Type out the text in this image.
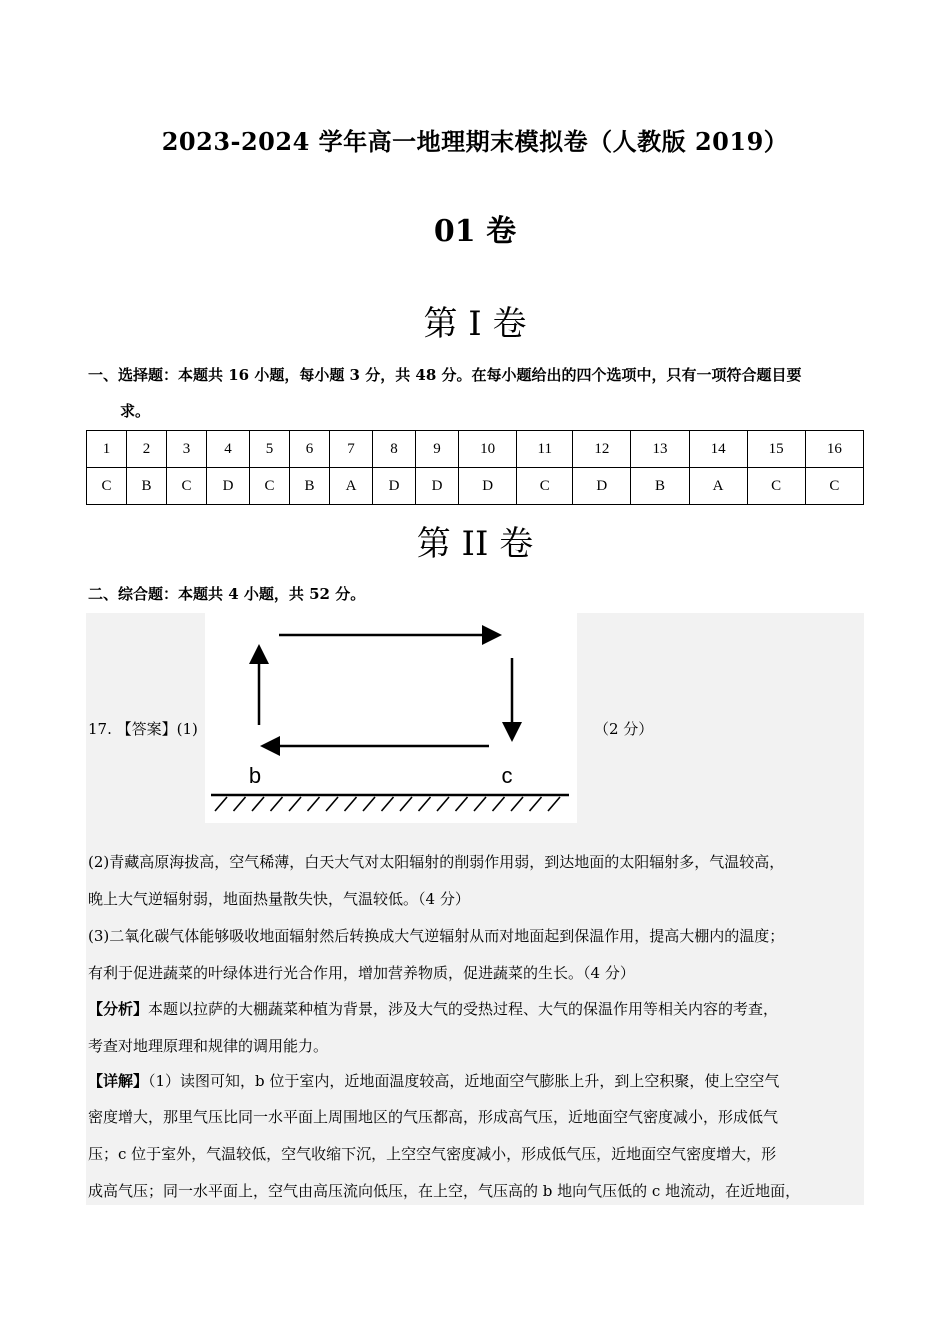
2023-2024 学年高一地理期末模拟卷（人教版 2019）
01 卷
第 I 卷
一、选择题：本题共 16 小题，每小题 3 分，共 48 分。在每小题给出的四个选项中，只有一项符合题目要
求。
1	2	3	4	5	6	7	8	9	10	11	12	13	14	15	16
C	B	C	D	C	B	A	D	D	D	C	D	B	A	C	C
第 II 卷
二、综合题：本题共 4 小题，共 52 分。
b	c
17. 【答案】(1)	（2 分）
(2)青藏高原海拔高，空气稀薄，白天大气对太阳辐射的削弱作用弱，到达地面的太阳辐射多，气温较高，
晚上大气逆辐射弱，地面热量散失快，气温较低。（4 分）
(3)二氧化碳气体能够吸收地面辐射然后转换成大气逆辐射从而对地面起到保温作用，提高大棚内的温度；
有利于促进蔬菜的叶绿体进行光合作用，增加营养物质，促进蔬菜的生长。（4 分）
【分析】本题以拉萨的大棚蔬菜种植为背景，涉及大气的受热过程、大气的保温作用等相关内容的考查，
考查对地理原理和规律的调用能力。
【详解】（1）读图可知，b 位于室内，近地面温度较高，近地面空气膨胀上升，到上空积聚，使上空空气
密度增大，那里气压比同一水平面上周围地区的气压都高，形成高气压，近地面空气密度减小，形成低气
压；c 位于室外，气温较低，空气收缩下沉，上空空气密度减小，形成低气压，近地面空气密度增大，形
成高气压；同一水平面上，空气由高压流向低压，在上空，气压高的 b 地向气压低的 c 地流动，在近地面，
